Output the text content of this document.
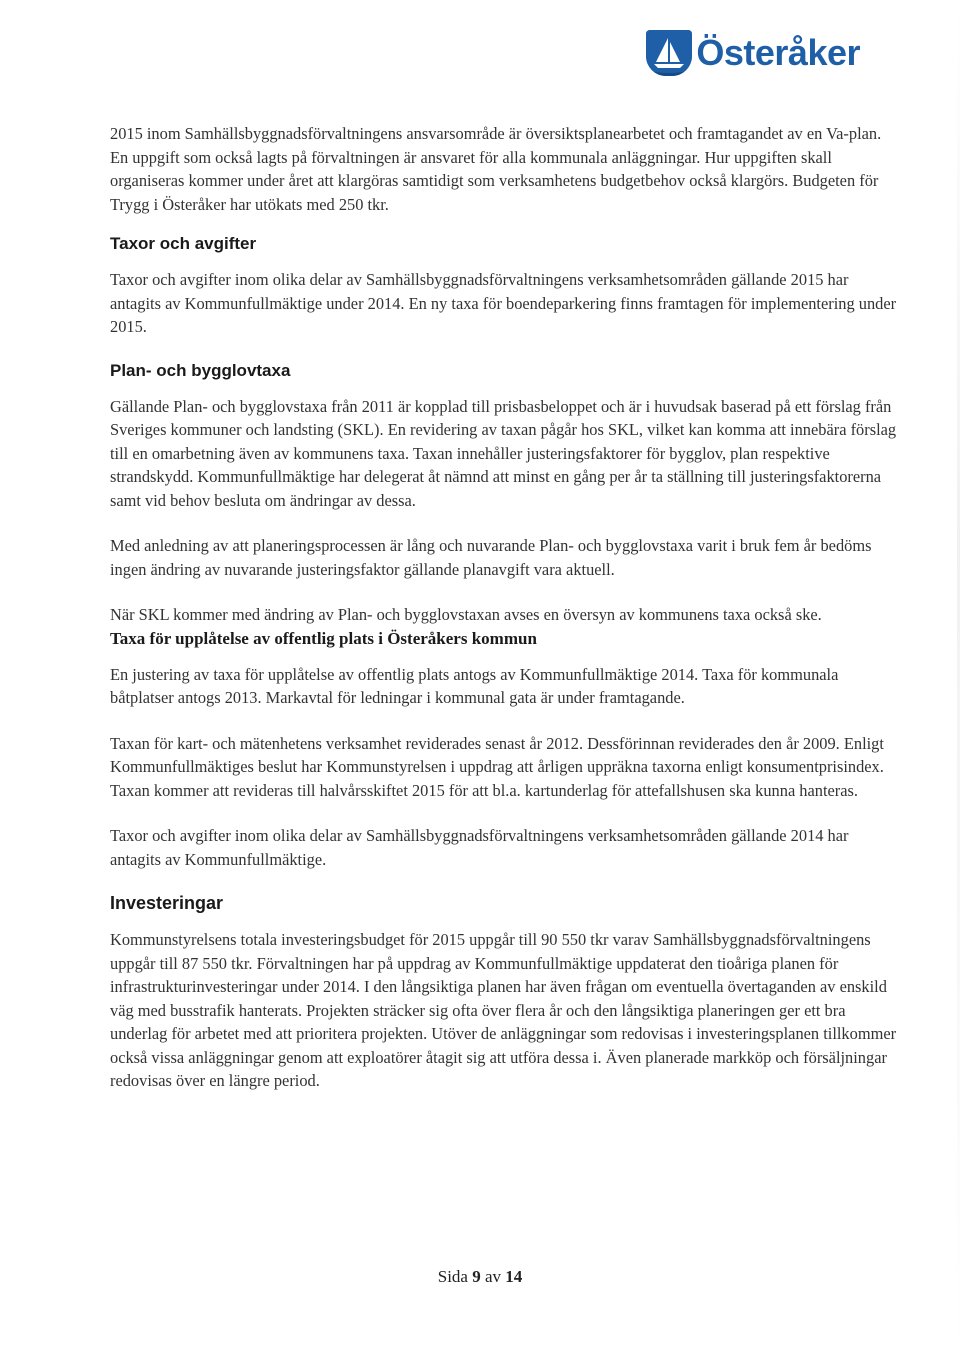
Österåker

2015 inom Samhällsbyggnadsförvaltningens ansvarsområde är översiktsplanearbetet och framtagandet av en Va-plan. En uppgift som också lagts på förvaltningen är ansvaret för alla kommunala anläggningar. Hur uppgiften skall organiseras kommer under året att klargöras samtidigt som verksamhetens budgetbehov också klargörs. Budgeten för Trygg i Österåker har utökats med 250 tkr.

Taxor och avgifter

Taxor och avgifter inom olika delar av Samhällsbyggnadsförvaltningens verksamhetsområden gällande 2015 har antagits av Kommunfullmäktige under 2014. En ny taxa för boendeparkering finns framtagen för implementering under 2015.

Plan- och bygglovtaxa

Gällande Plan- och bygglovstaxa från 2011 är kopplad till prisbasbeloppet och är i huvudsak baserad på ett förslag från Sveriges kommuner och landsting (SKL). En revidering av taxan pågår hos SKL, vilket kan komma att innebära förslag till en omarbetning även av kommunens taxa. Taxan innehåller justeringsfaktorer för bygglov, plan respektive strandskydd. Kommunfullmäktige har delegerat åt nämnd att minst en gång per år ta ställning till justeringsfaktorerna samt vid behov besluta om ändringar av dessa.

Med anledning av att planeringsprocessen är lång och nuvarande Plan- och bygglovstaxa varit i bruk fem år bedöms ingen ändring av nuvarande justeringsfaktor gällande planavgift vara aktuell.

När SKL kommer med ändring av Plan- och bygglovstaxan avses en översyn av kommunens taxa också ske.

Taxa för upplåtelse av offentlig plats i Österåkers kommun

En justering av taxa för upplåtelse av offentlig plats antogs av Kommunfullmäktige 2014. Taxa för kommunala båtplatser antogs 2013. Markavtal för ledningar i kommunal gata är under framtagande.

Taxan för kart- och mätenhetens verksamhet reviderades senast år 2012. Dessförinnan reviderades den år 2009. Enligt Kommunfullmäktiges beslut har Kommunstyrelsen i uppdrag att årligen uppräkna taxorna enligt konsumentprisindex. Taxan kommer att revideras till halvårsskiftet 2015 för att bl.a. kartunderlag för attefallshusen ska kunna hanteras.

Taxor och avgifter inom olika delar av Samhällsbyggnadsförvaltningens verksamhetsområden gällande 2014 har antagits av Kommunfullmäktige.

Investeringar

Kommunstyrelsens totala investeringsbudget för 2015 uppgår till 90 550 tkr varav Samhällsbyggnadsförvaltningens uppgår till 87 550 tkr. Förvaltningen har på uppdrag av Kommunfullmäktige uppdaterat den tioåriga planen för infrastrukturinvesteringar under 2014. I den långsiktiga planen har även frågan om eventuella övertaganden av enskild väg med busstrafik hanterats. Projekten sträcker sig ofta över flera år och den långsiktiga planeringen ger ett bra underlag för arbetet med att prioritera projekten. Utöver de anläggningar som redovisas i investeringsplanen tillkommer också vissa anläggningar genom att exploatörer åtagit sig att utföra dessa i. Även planerade markköp och försäljningar redovisas över en längre period.

Sida 9 av 14
